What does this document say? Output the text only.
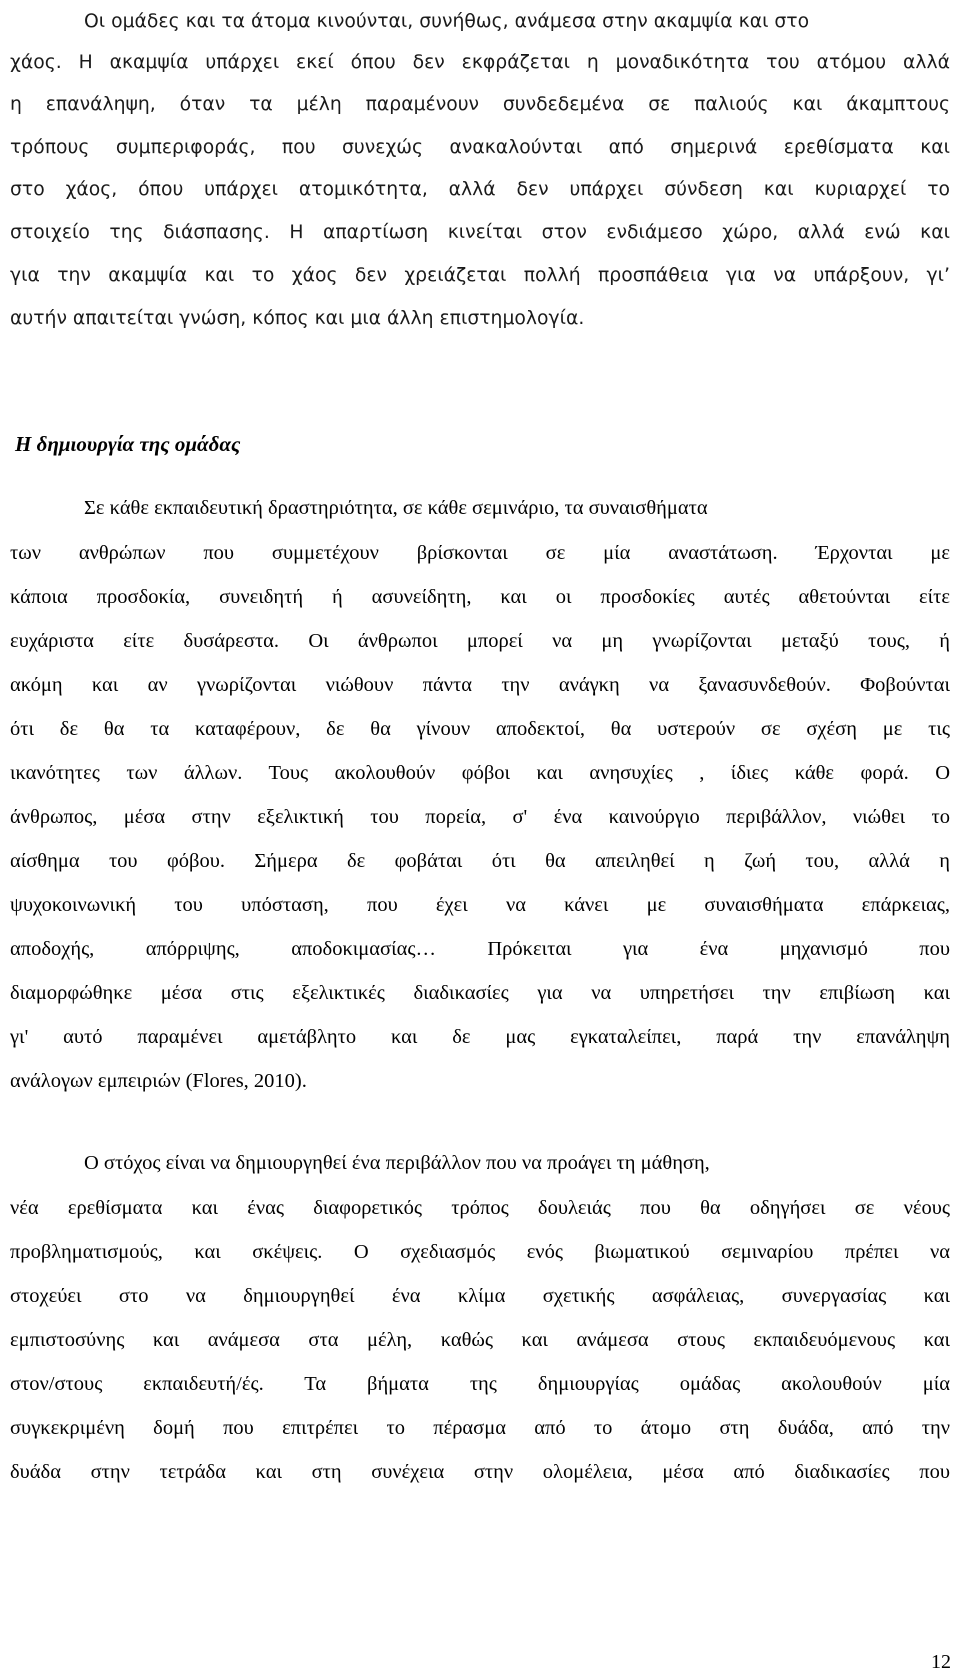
Οι ομάδες και τα άτομα κινούνται, συνήθως, ανάμεσα στην ακαμψία και στο
χάος. Η ακαμψία υπάρχει εκεί όπου δεν εκφράζεται η μοναδικότητα του ατόμου αλλά
η επανάληψη, όταν τα μέλη παραμένουν συνδεδεμένα σε παλιούς και άκαμπτους
τρόπους συμπεριφοράς, που συνεχώς ανακαλούνται από σημερινά ερεθίσματα και
στο χάος, όπου υπάρχει ατομικότητα, αλλά δεν υπάρχει σύνδεση και κυριαρχεί το
στοιχείο της διάσπασης. Η απαρτίωση κινείται στον ενδιάμεσο χώρο, αλλά ενώ και
για την ακαμψία και το χάος δεν χρειάζεται πολλή προσπάθεια για να υπάρξουν, γι’
αυτήν απαιτείται γνώση, κόπος και μια άλλη επιστημολογία.
Η δημιουργία της ομάδας
Σε κάθε εκπαιδευτική δραστηριότητα, σε κάθε σεμινάριο, τα συναισθήματα
των ανθρώπων που συμμετέχουν βρίσκονται σε μία αναστάτωση. Έρχονται με
κάποια προσδοκία, συνειδητή ή ασυνείδητη, και οι προσδοκίες αυτές αθετούνται είτε
ευχάριστα είτε δυσάρεστα. Οι άνθρωποι μπορεί να μη γνωρίζονται μεταξύ τους, ή
ακόμη και αν γνωρίζονται νιώθουν πάντα την ανάγκη να ξανασυνδεθούν. Φοβούνται
ότι δε θα τα καταφέρουν, δε θα γίνουν αποδεκτοί, θα υστερούν σε σχέση με τις
ικανότητες των άλλων. Τους ακολουθούν φόβοι και ανησυχίες , ίδιες κάθε φορά. Ο
άνθρωπος, μέσα στην εξελικτική του πορεία, σ' ένα καινούργιο περιβάλλον, νιώθει το
αίσθημα του φόβου. Σήμερα δε φοβάται ότι θα απειληθεί η ζωή του, αλλά η
ψυχοκοινωνική του υπόσταση, που έχει να κάνει με συναισθήματα επάρκειας,
αποδοχής, απόρριψης, αποδοκιμασίας… Πρόκειται για ένα μηχανισμό που
διαμορφώθηκε μέσα στις εξελικτικές διαδικασίες για να υπηρετήσει την επιβίωση και
γι' αυτό παραμένει αμετάβλητο και δε μας εγκαταλείπει, παρά την επανάληψη
ανάλογων εμπειριών (Flores, 2010).
Ο στόχος είναι να δημιουργηθεί ένα περιβάλλον που να προάγει τη μάθηση,
νέα ερεθίσματα και ένας διαφορετικός τρόπος δουλειάς που θα οδηγήσει σε νέους
προβληματισμούς, και σκέψεις. Ο σχεδιασμός ενός βιωματικού σεμιναρίου πρέπει να
στοχεύει στο να δημιουργηθεί ένα κλίμα σχετικής ασφάλειας, συνεργασίας και
εμπιστοσύνης και ανάμεσα στα μέλη, καθώς και ανάμεσα στους εκπαιδευόμενους και
στον/στους εκπαιδευτή/ές. Τα βήματα της δημιουργίας ομάδας ακολουθούν μία
συγκεκριμένη δομή που επιτρέπει το πέρασμα από το άτομο στη δυάδα, από την
δυάδα στην τετράδα και στη συνέχεια στην ολομέλεια, μέσα από διαδικασίες που
12
